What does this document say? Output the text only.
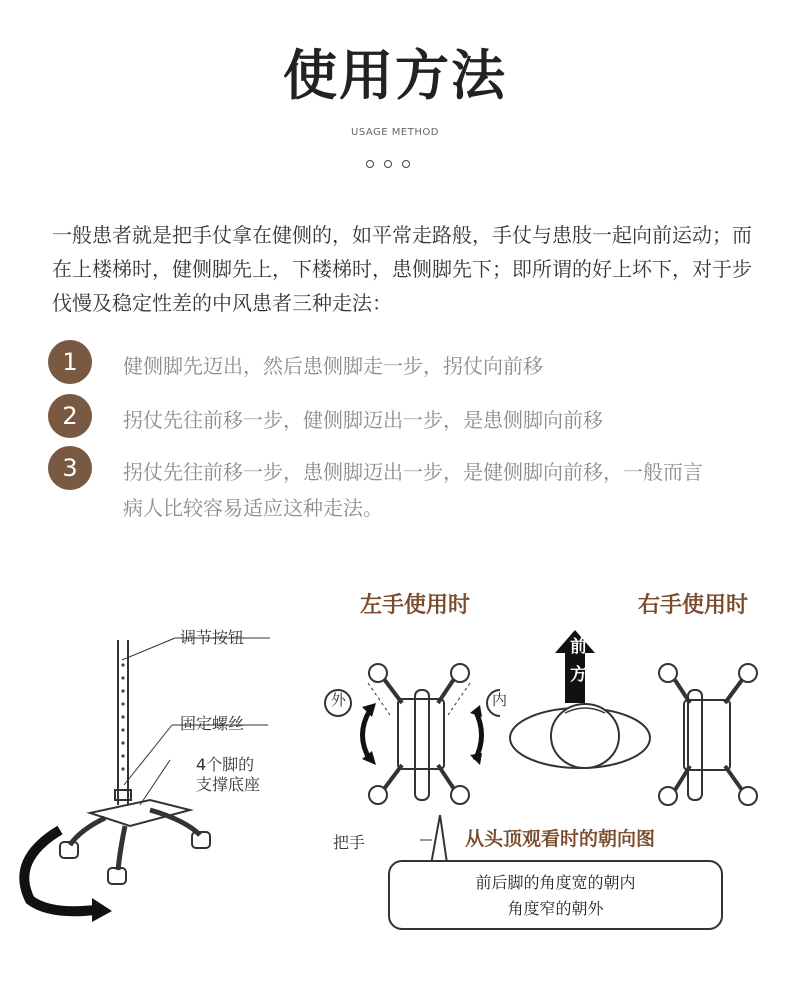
使用方法
USAGE METHOD
一般患者就是把手仗拿在健侧的，如平常走路般，手仗与患肢一起向前运动；而在上楼梯时，健侧脚先上，下楼梯时，患侧脚先下；即所谓的好上坏下，对于步伐慢及稳定性差的中风患者三种走法：
1	健侧脚先迈出，然后患侧脚走一步，拐仗向前移
2	拐仗先往前移一步，健侧脚迈出一步，是患侧脚向前移
3	拐仗先往前移一步，患侧脚迈出一步，是健侧脚向前移，一般而言病人比较容易适应这种走法。
调节按钮
固定螺丝
4个脚的
支撑底座
左手使用时	右手使用时
外	内
前
方
把手	从头顶观看时的朝向图
前后脚的角度宽的朝内
角度窄的朝外
